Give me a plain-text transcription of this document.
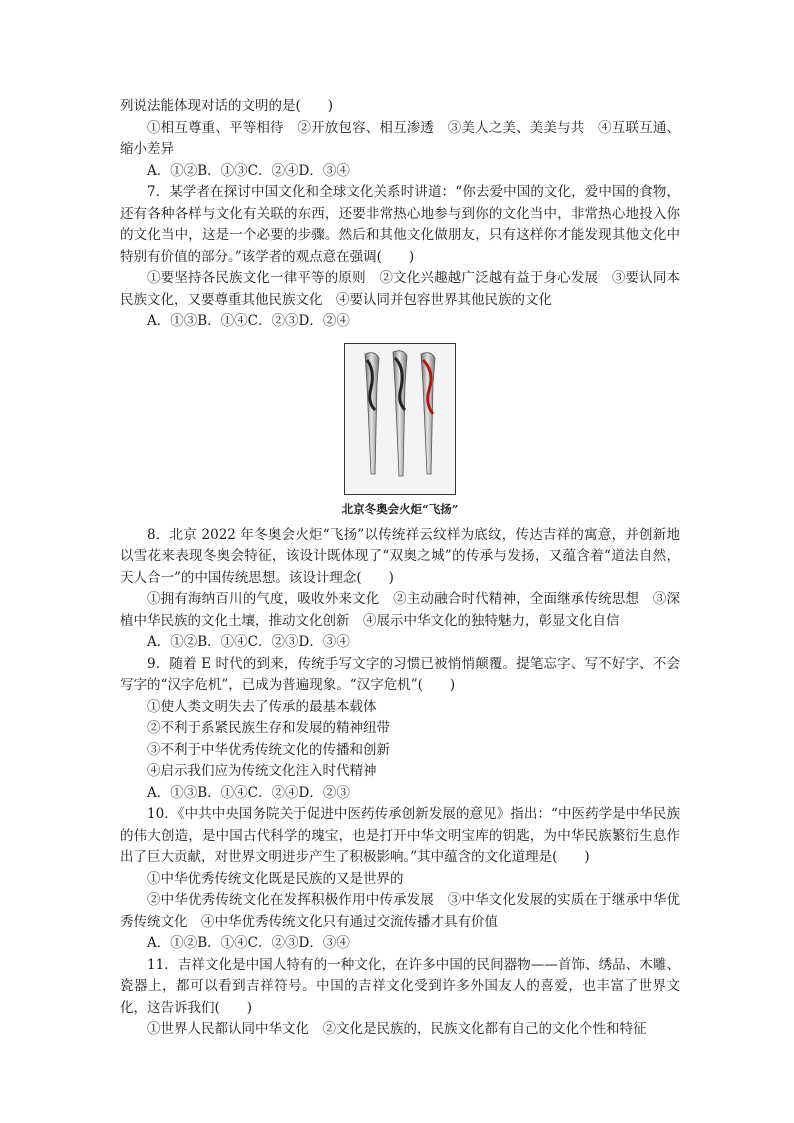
列说法能体现对话的文明的是(　　)

①相互尊重、平等相待　②开放包容、相互渗透　③美人之美、美美与共　④互联互通、缩小差异

A．①②B．①③C．②④D．③④

7．某学者在探讨中国文化和全球文化关系时讲道：“你去爱中国的文化，爱中国的食物，还有各种各样与文化有关联的东西，还要非常热心地参与到你的文化当中，非常热心地投入你的文化当中，这是一个必要的步骤。然后和其他文化做朋友，只有这样你才能发现其他文化中特别有价值的部分。”该学者的观点意在强调(　　)

①要坚持各民族文化一律平等的原则　②文化兴趣越广泛越有益于身心发展　③要认同本民族文化，又要尊重其他民族文化　④要认同并包容世界其他民族的文化

A．①③B．①④C．②③D．②④

北京冬奥会火炬“飞扬”

8．北京 2022 年冬奥会火炬“飞扬”以传统祥云纹样为底纹，传达吉祥的寓意，并创新地以雪花来表现冬奥会特征，该设计既体现了“双奥之城”的传承与发扬，又蕴含着“道法自然，天人合一”的中国传统思想。该设计理念(　　)

①拥有海纳百川的气度，吸收外来文化　②主动融合时代精神，全面继承传统思想　③深植中华民族的文化土壤，推动文化创新　④展示中华文化的独特魅力，彰显文化自信

A．①②B．①④C．②③D．③④

9．随着 E 时代的到来，传统手写文字的习惯已被悄悄颠覆。提笔忘字、写不好字、不会写字的“汉字危机”，已成为普遍现象。“汉字危机”(　　)

①使人类文明失去了传承的最基本载体

②不利于系紧民族生存和发展的精神纽带

③不利于中华优秀传统文化的传播和创新

④启示我们应为传统文化注入时代精神

A．①③B．①④C．②④D．②③

10．《中共中央国务院关于促进中医药传承创新发展的意见》指出：“中医药学是中华民族的伟大创造，是中国古代科学的瑰宝，也是打开中华文明宝库的钥匙，为中华民族繁衍生息作出了巨大贡献，对世界文明进步产生了积极影响。”其中蕴含的文化道理是(　　)

①中华优秀传统文化既是民族的又是世界的

②中华优秀传统文化在发挥积极作用中传承发展　③中华文化发展的实质在于继承中华优秀传统文化　④中华优秀传统文化只有通过交流传播才具有价值

A．①②B．①④C．②③D．③④

11．吉祥文化是中国人特有的一种文化，在许多中国的民间器物——首饰、绣品、木雕、瓷器上，都可以看到吉祥符号。中国的吉祥文化受到许多外国友人的喜爱，也丰富了世界文化，这告诉我们(　　)

①世界人民都认同中华文化　②文化是民族的，民族文化都有自己的文化个性和特征
